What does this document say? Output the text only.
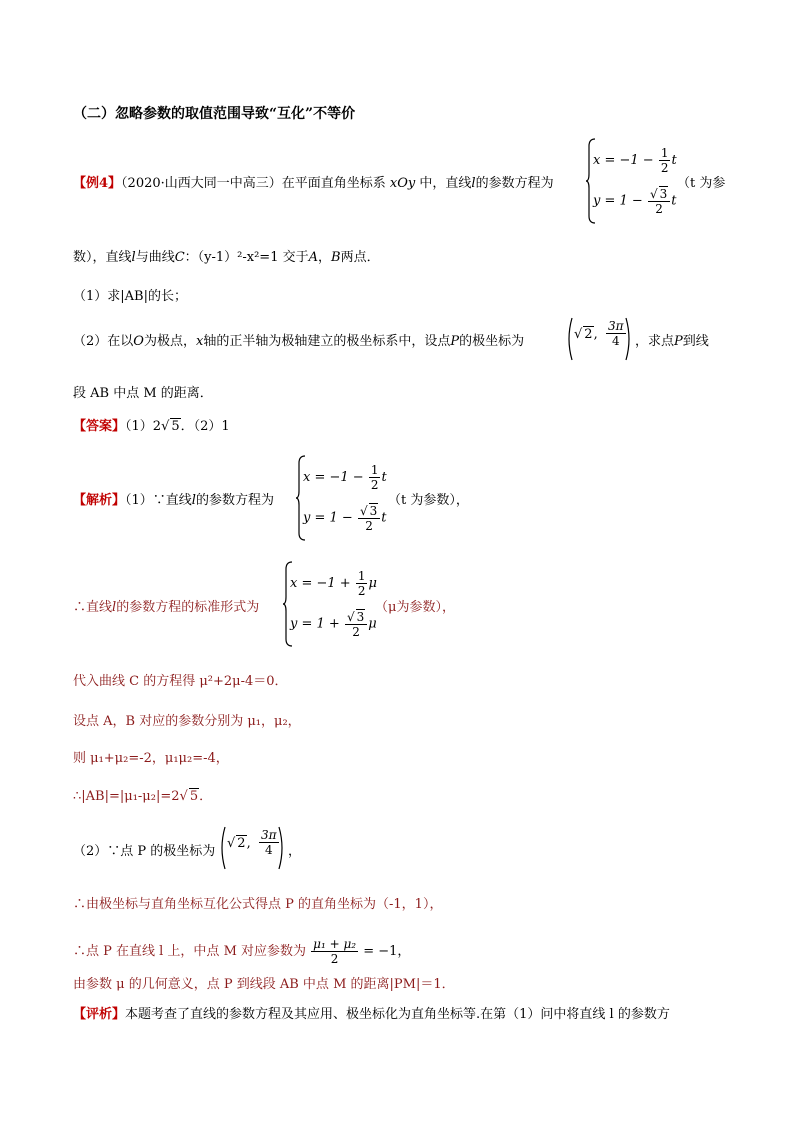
（二）忽略参数的取值范围导致“互化”不等价
【例4】（2020·山西大同一中高三）在平面直角坐标系 xOy 中，直线l的参数方程为
$x = -1 - \frac{1}{2}$ t
$y = 1 - \frac{√ 3}{2}$ t
（t 为参
数），直线l与曲线C：（y-1）²-x²=1 交于A，B两点．
（1）求|AB|的长；
（2）在以O为极点，x轴的正半轴为极轴建立的极坐标系中，设点P的极坐标为	√ 2, $\frac{3\pi}{4}$ ，求点P到线
段 AB 中点 M 的距离．
【答案】（1）2√ 5．（2）1
【解析】（1）∵直线l的参数方程为
$x = -1 - \frac{1}{2}$ t
$y = 1 - \frac{√ 3}{2}$ t
（t 为参数），
∴直线l的参数方程的标准形式为
$x = -1 + \frac{1}{2}$ μ
$y = 1 + \frac{√ 3}{2}$ μ
（μ为参数），
代入曲线 C 的方程得 μ²+2μ-4＝0．
设点 A，B 对应的参数分别为 μ₁，μ₂，
则 μ₁+μ₂=-2，μ₁μ₂=-4，
∴|AB|=|μ₁-μ₂|=2√ 5．
（2）∵点 P 的极坐标为
√ 2, $\frac{3\pi}{4}$ ，
∴由极坐标与直角坐标互化公式得点 P 的直角坐标为（-1，1），
∴点 P 在直线 l 上，中点 M 对应参数为 $\frac{\text{μ₁ + μ₂}}{2} = -1$，
由参数 μ 的几何意义，点 P 到线段 AB 中点 M 的距离|PM|＝1．
【评析】本题考查了直线的参数方程及其应用、极坐标化为直角坐标等.在第（1）问中将直线 l 的参数方
